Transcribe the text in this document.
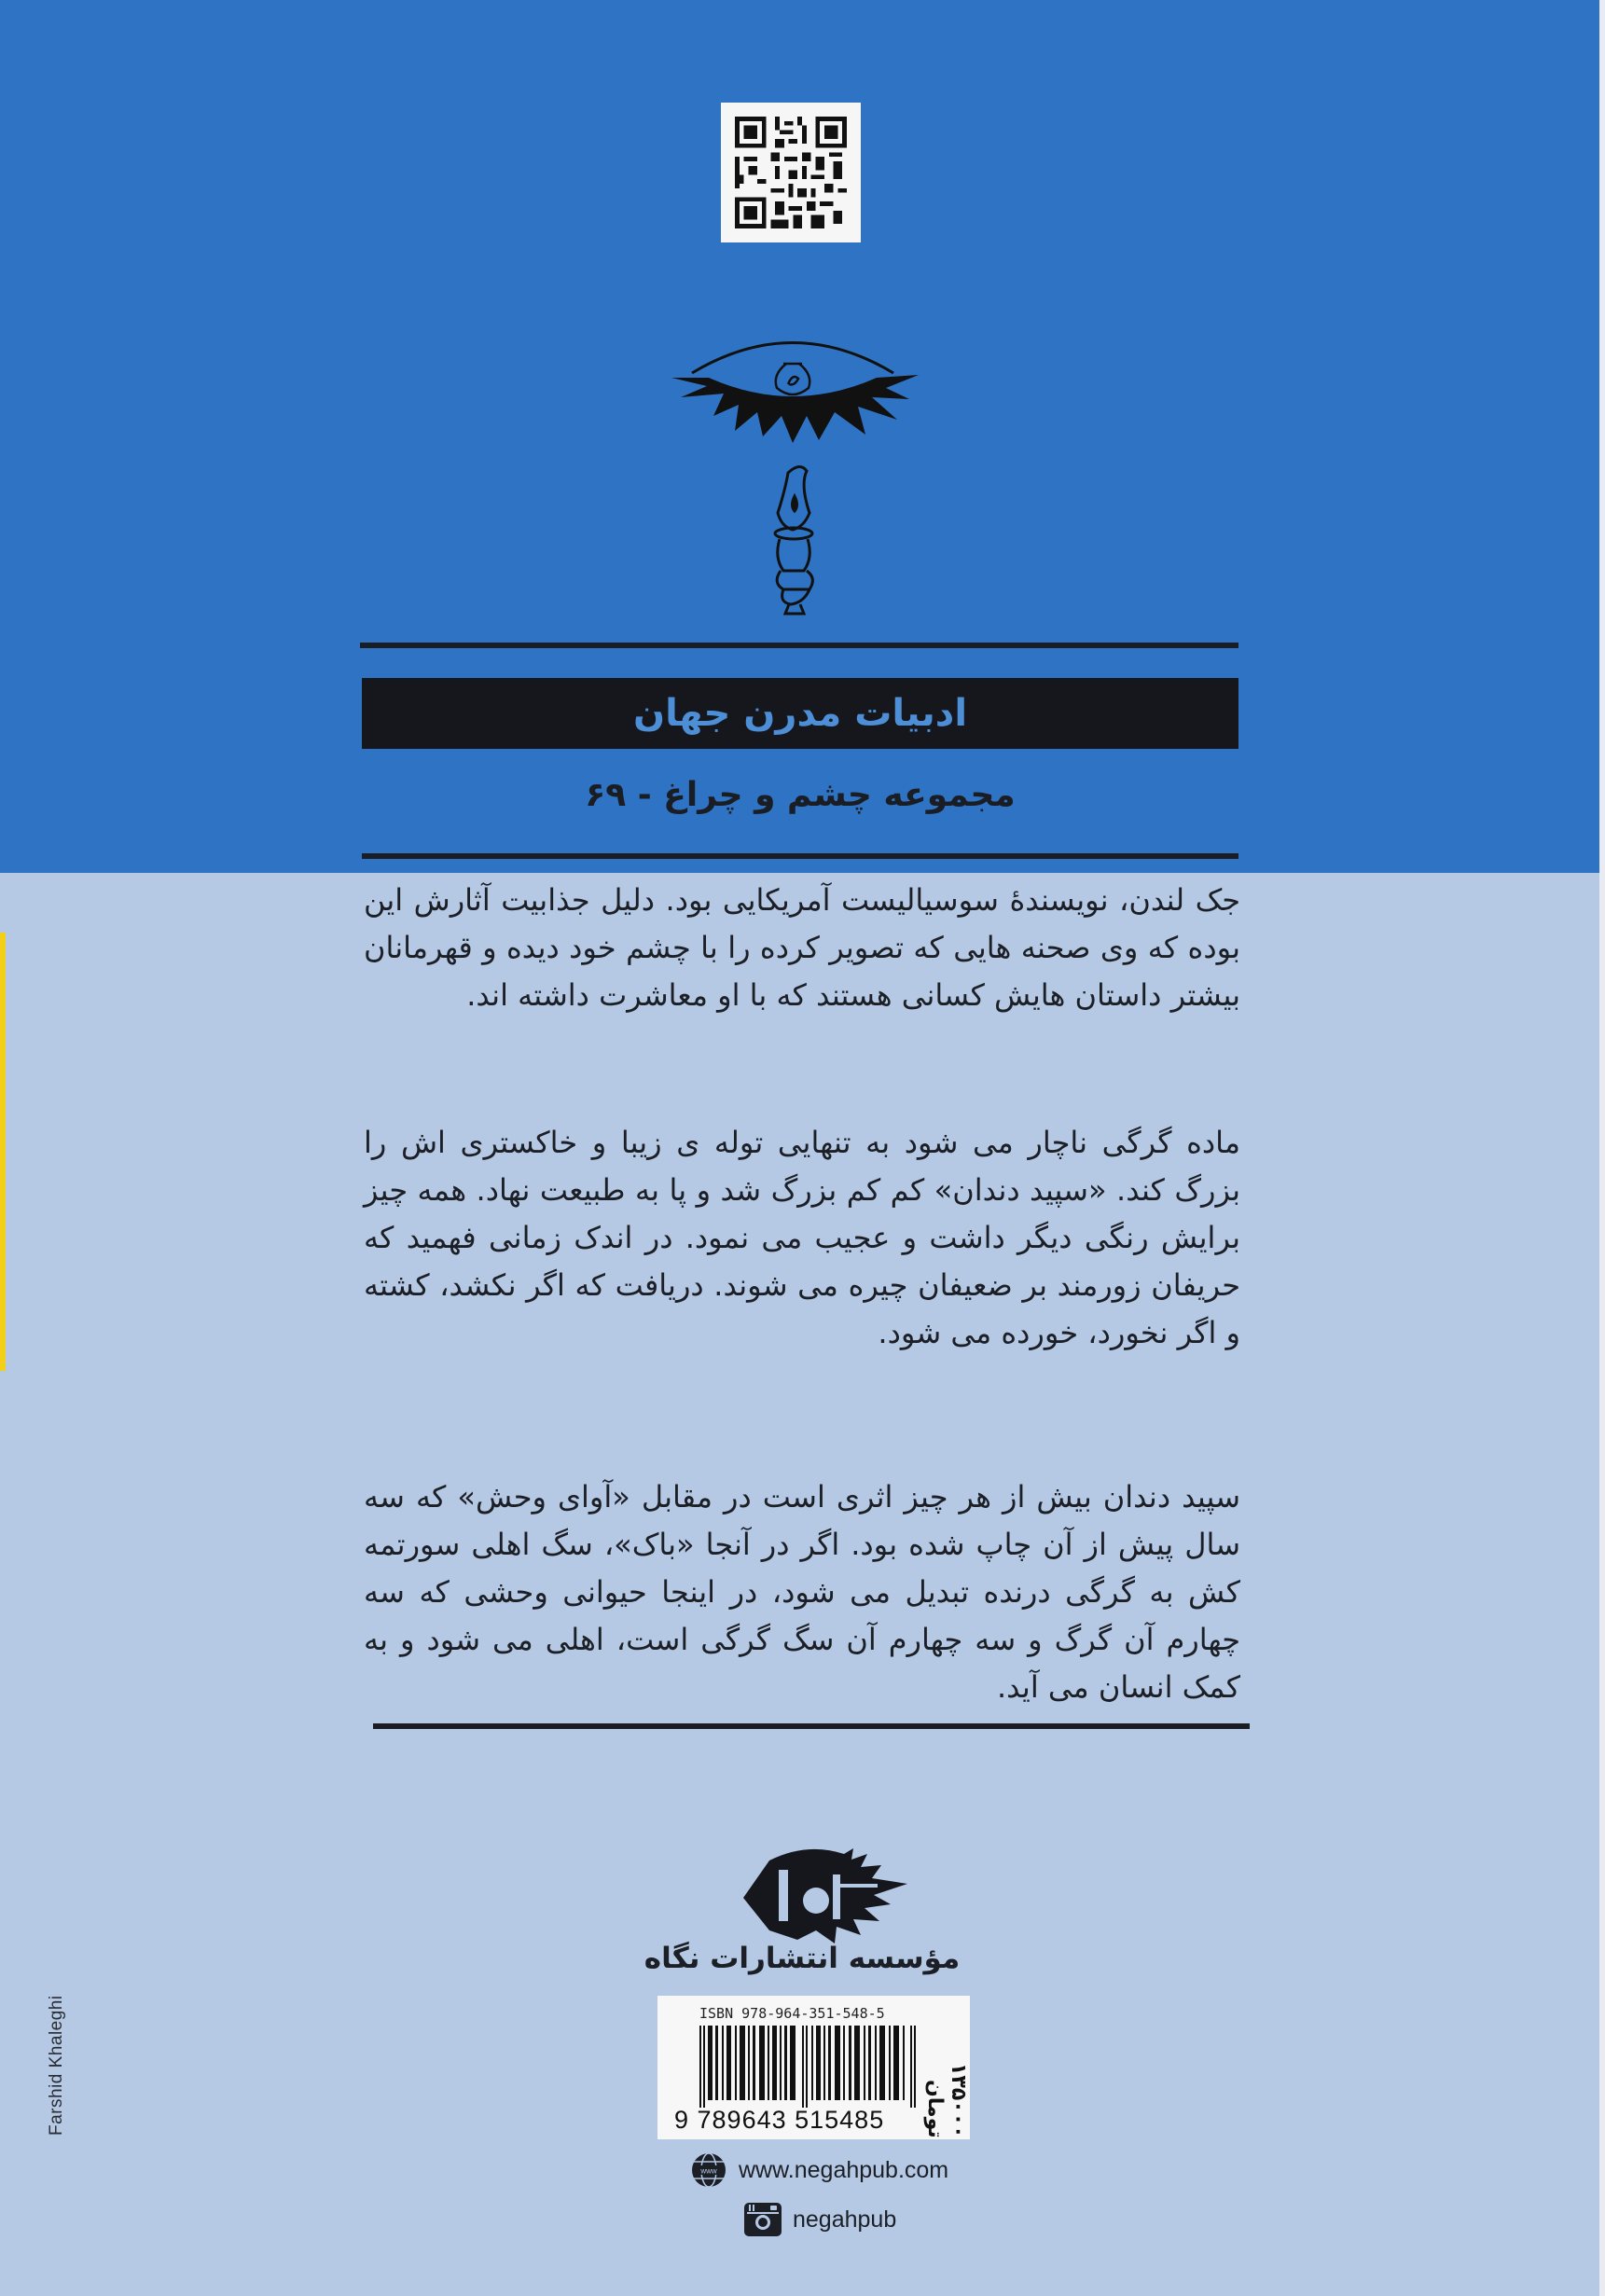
ادبیات مدرن جهان
مجموعه چشم و چراغ - ۶۹
جک لندن، نویسندهٔ سوسیالیست آمریکایی بود. دلیل جذابیت آثارش این بوده که وی صحنه هایی که تصویر کرده را با چشم خود دیده و قهرمانان بیشتر داستان هایش کسانی هستند که با او معاشرت داشته اند.
ماده گرگی ناچار می شود به تنهایی توله ی زیبا و خاکستری اش را بزرگ کند. «سپید دندان» کم کم بزرگ شد و پا به طبیعت نهاد. همه چیز برایش رنگی دیگر داشت و عجیب می نمود. در اندک زمانی فهمید که حریفان زورمند بر ضعیفان چیره می شوند. دریافت که اگر نکشد، کشته و اگر نخورد، خورده می شود.
سپید دندان بیش از هر چیز اثری است در مقابل «آوای وحش» که سه سال پیش از آن چاپ شده بود. اگر در آنجا «باک»، سگ اهلی سورتمه کش به گرگی درنده تبدیل می شود، در اینجا حیوانی وحشی که سه چهارم آن گرگ و سه چهارم آن سگ گرگی است، اهلی می شود و به کمک انسان می آید.
مؤسسه انتشارات نگاه
ISBN 978-964-351-548-5
9 789643 515485	۱۳۵۰۰۰ تومان
www www.negahpub.com
negahpub
Farshid Khaleghi
